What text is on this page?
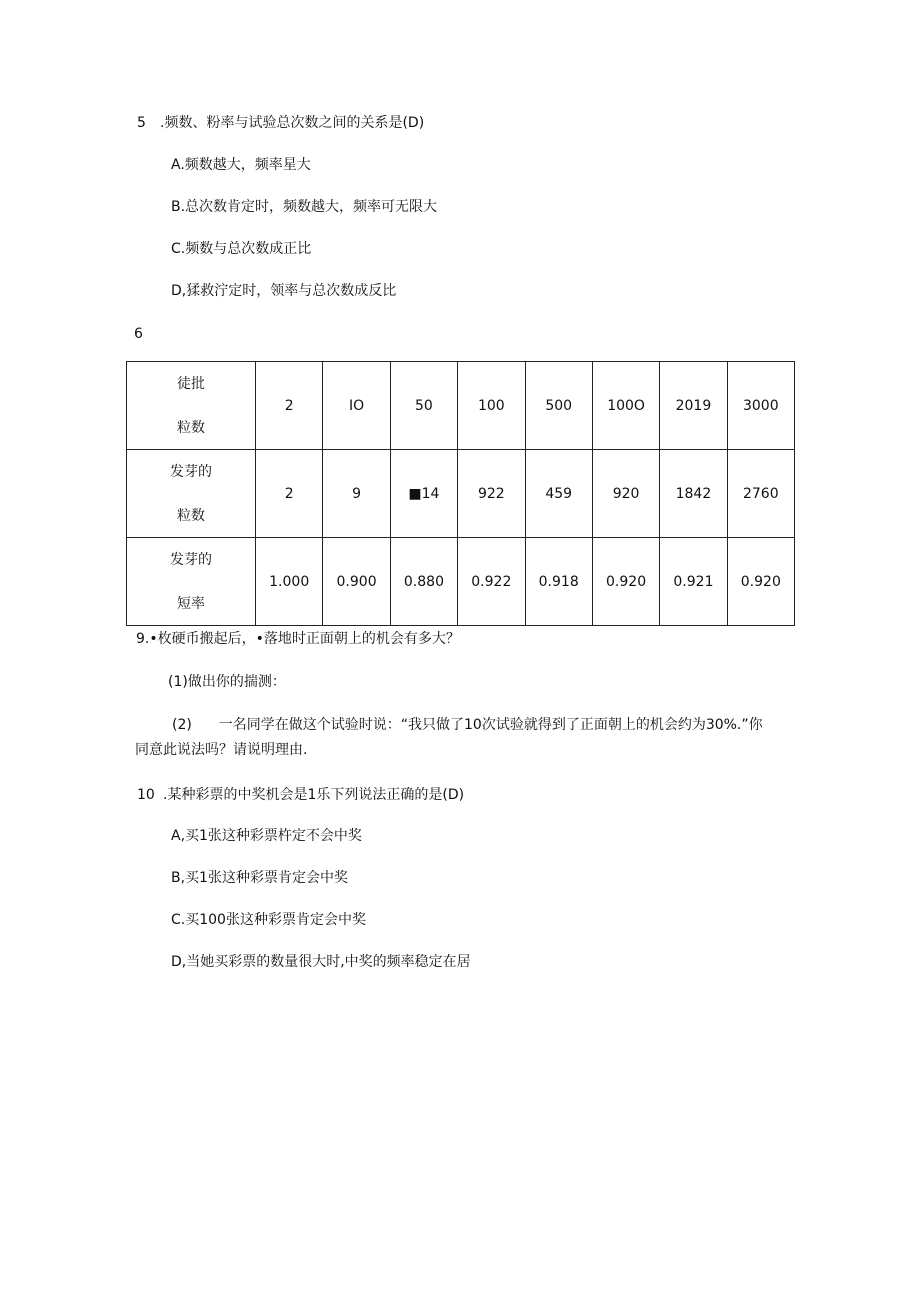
5 .频数、粉率与试验总次数之间的关系是(D)
A.频数越大，频率星大
B.总次数肯定时，频数越大，频率可无限大
C.频数与总次数成正比
D,猱救泞定时，领率与总次数成反比
6
徒批
粒数	2	IO	50	100	500	100O	2019	3000

发芽的
粒数	2	9	■14	922	459	920	1842	2760

发芽的
短率	1.000	0.900	0.880	0.922	0.918	0.920	0.921	0.920
9.•枚硬币搬起后，•落地时正面朝上的机会有多大？
(1)做出你的揣测：
(2) 一名同学在做这个试验时说：“我只做了10次试验就得到了正面朝上的机会约为30%.”你
同意此说法吗？请说明理由.
10 .某种彩票的中奖机会是1乐下列说法正确的是(D)
A,买1张这种彩票杵定不会中奖
B,买1张这种彩票肯定会中奖
C.买100张这种彩票肯定会中奖
D,当她买彩票的数量很大时,中奖的频率稳定在居
